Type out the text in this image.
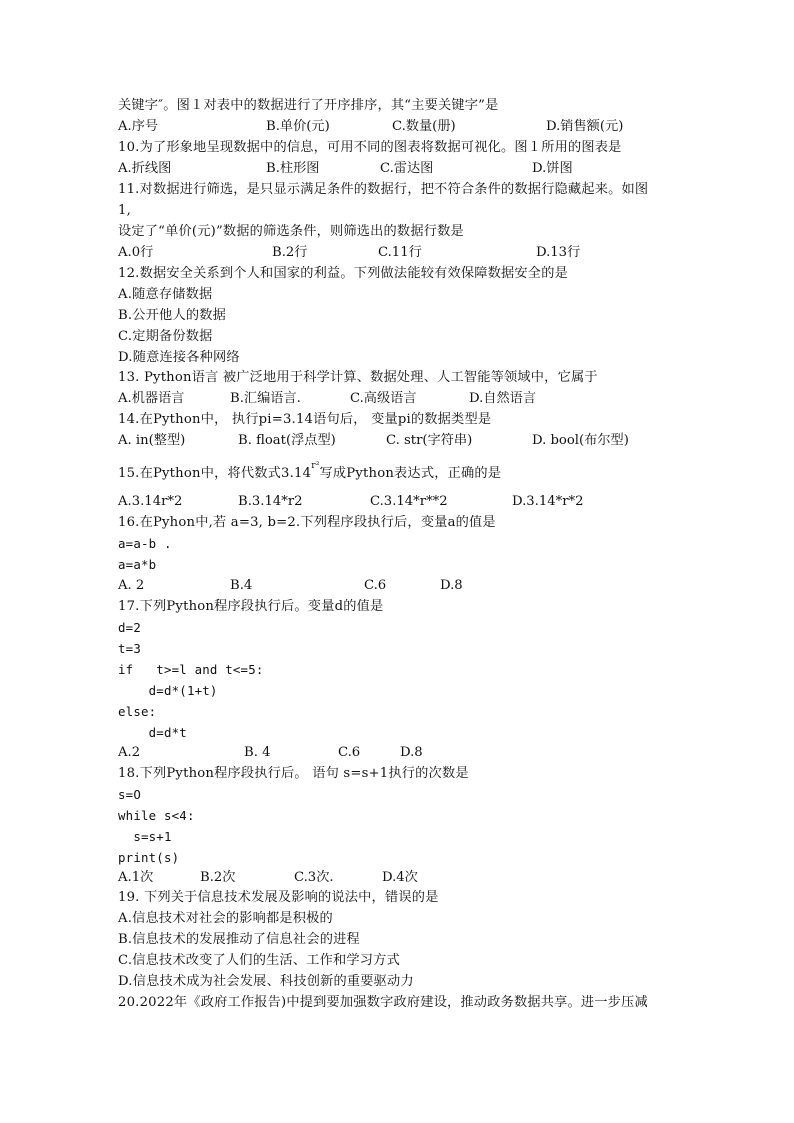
关键字″。图１对表中的数据进行了开序排序，其“主要关键字”是
A.序号	B.单价(元)	C.数量(册)	D.销售额(元)
10.为了形象地呈现数据中的信息，可用不同的图表将数据可视化。图１所用的图表是
A.折线图	B.柱形图	C.雷达图	D.饼图
11.对数据进行筛选，是只显示满足条件的数据行，把不符合条件的数据行隐藏起来。如图
1,
设定了“单价(元)”数据的筛选条件，则筛选出的数据行数是
A.0行	B.2行	C.11行	D.13行
12.数据安全关系到个人和国家的利益。下列做法能较有效保障数据安全的是
A.随意存储数据
B.公开他人的数据
C.定期备份数据
D.随意连接各种网络
13. Python语言 被广泛地用于科学计算、数据处理、人工智能等领域中，它属于
A.机器语言	B.汇编语言.	C.高级语言	D.自然语言
14.在Python中， 执行pi=3.14语句后， 变量pi的数据类型是
A. in(整型)	B. float(浮点型)	C. str(字符串)	D. bool(布尔型)
15.在Python中，将代数式$3.14^{r^2}$写成Python表达式，正确的是
A.3.14r*2	B.3.14*r2	C.3.14*r**2	D.3.14*r*2
16.在Pyhon中,若 a=3, b=2.下列程序段执行后，变量a的值是
a=a-b .
a=a*b
A. 2	B.4	C.6	D.8
17.下列Python程序段执行后。变量d的值是
d=2
t=3
if   t>=l and t<=5:
d=d*(1+t)
else:
d=d*t
A.2	B. 4	C.6	D.8
18.下列Python程序段执行后。 语句 s=s+1执行的次数是
s=O
while s<4:
s=s+1
print(s)
A.1次	B.2次	C.3次.	D.4次
19. 下列关于信息技术发展及影响的说法中，错误的是
A.信息技术对社会的影响都是积极的
B.信息技术的发展推动了信息社会的进程
C.信息技术改变了人们的生活、工作和学习方式
D.信息技术成为社会发展、科技创新的重要驱动力
20.2022年《政府工作报告)中提到要加强数字政府建设，推动政务数据共享。进一步压减
